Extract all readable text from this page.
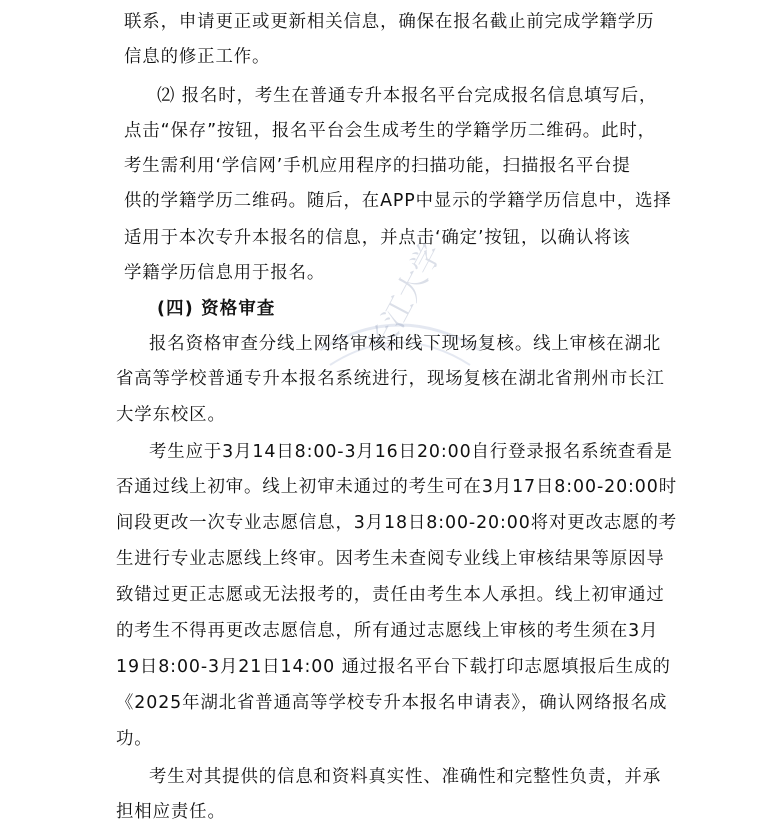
长江大学
联系，申请更正或更新相关信息，确保在报名截止前完成学籍学历
信息的修正工作。
⑵ 报名时，考生在普通专升本报名平台完成报名信息填写后，
点击“保存”按钮，报名平台会生成考生的学籍学历二维码。此时，
考生需利用‘学信网’手机应用程序的扫描功能，扫描报名平台提
供的学籍学历二维码。随后，在APP中显示的学籍学历信息中，选择
适用于本次专升本报名的信息，并点击‘确定’按钮，以确认将该
学籍学历信息用于报名。
(四) 资格审查
报名资格审查分线上网络审核和线下现场复核。线上审核在湖北
省高等学校普通专升本报名系统进行，现场复核在湖北省荆州市长江
大学东校区。
考生应于3月14日8:00-3月16日20:00自行登录报名系统查看是
否通过线上初审。线上初审未通过的考生可在3月17日8:00-20:00时
间段更改一次专业志愿信息，3月18日8:00-20:00将对更改志愿的考
生进行专业志愿线上终审。因考生未查阅专业线上审核结果等原因导
致错过更正志愿或无法报考的，责任由考生本人承担。线上初审通过
的考生不得再更改志愿信息，所有通过志愿线上审核的考生须在3月
19日8:00-3月21日14:00 通过报名平台下载打印志愿填报后生成的
《2025年湖北省普通高等学校专升本报名申请表》，确认网络报名成
功。
考生对其提供的信息和资料真实性、准确性和完整性负责，并承
担相应责任。
